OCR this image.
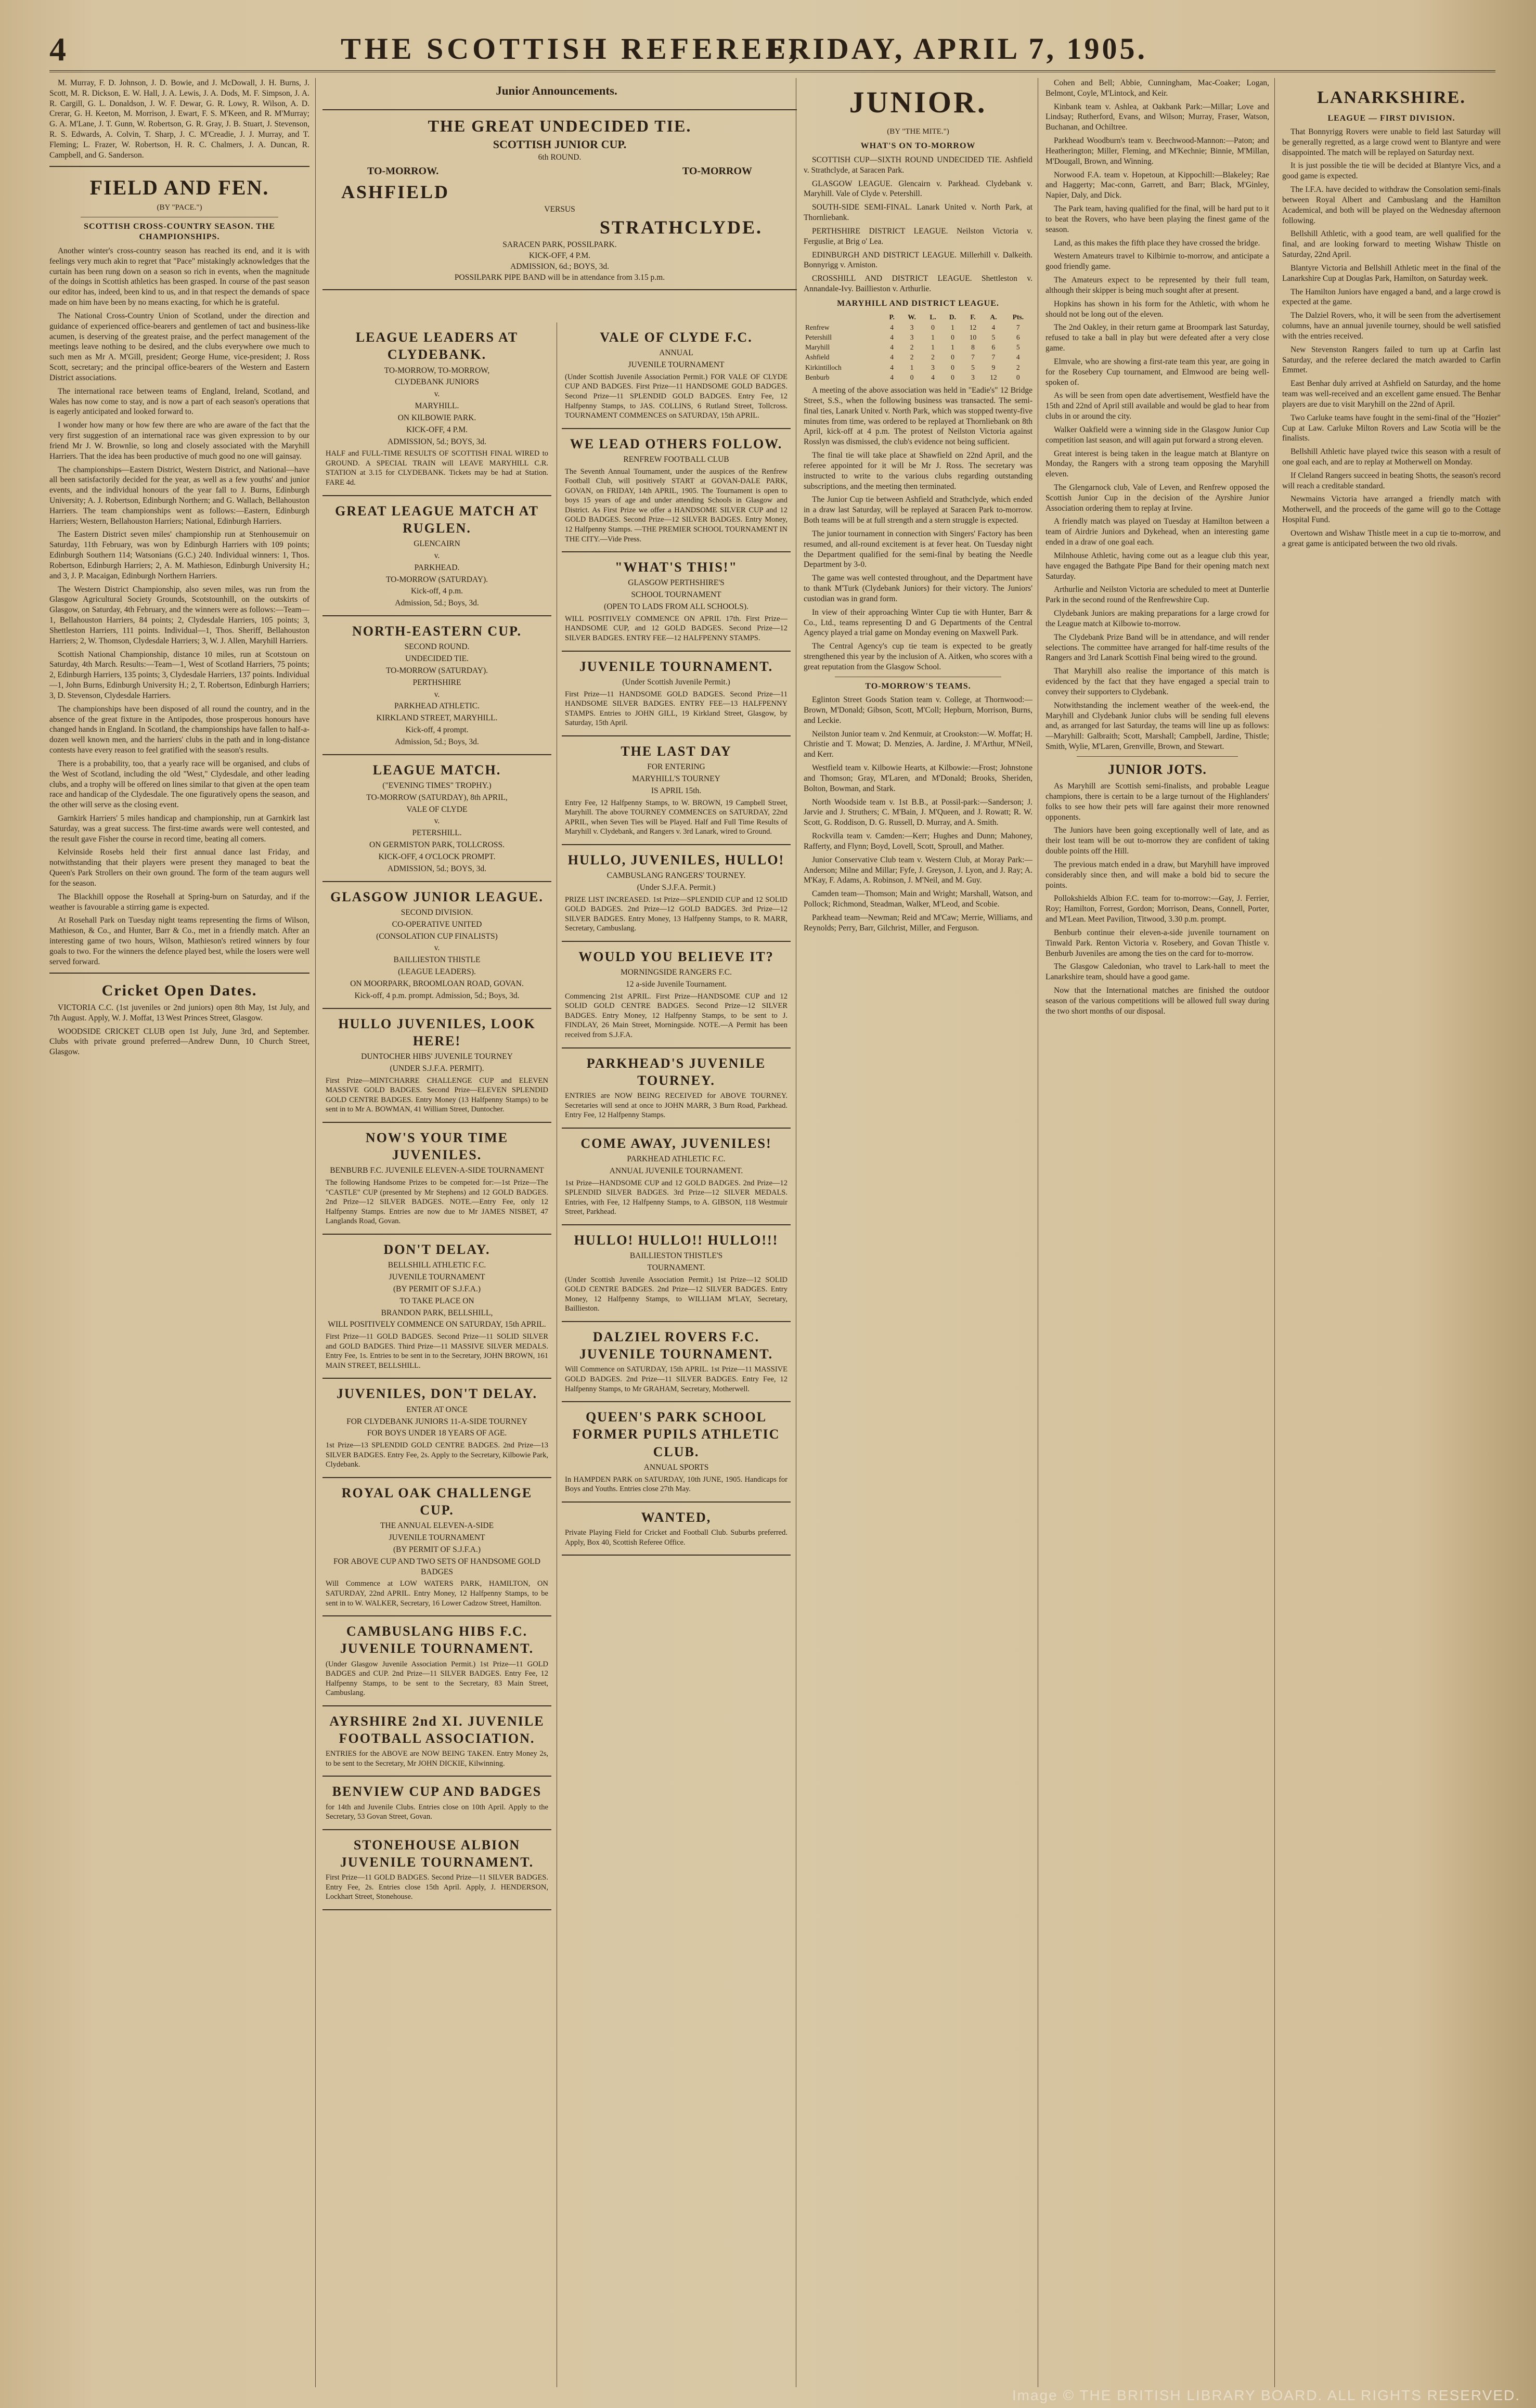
4	THE SCOTTISH REFEREE,
FRIDAY, APRIL 7, 1905.

M. Murray, F. D. Johnson, J. D. Bowie, and J. McDowall, J. H. Burns, J. Scott, M. R. Dickson, E. W. Hall, J. A. Lewis, J. A. Dods, M. F. Simpson, J. A. R. Cargill, G. L. Donaldson, J. W. F. Dewar, G. R. Lowy, R. Wilson, A. D. Crerar, G. H. Keeton, M. Morrison, J. Ewart, F. S. M'Keen, and R. M'Murray; G. A. M'Lane, J. T. Gunn, W. Robertson, G. R. Gray, J. B. Stuart, J. Stevenson, R. S. Edwards, A. Colvin, T. Sharp, J. C. M'Creadie, J. J. Murray, and T. Fleming; L. Frazer, W. Robertson, H. R. C. Chalmers, J. A. Duncan, R. Campbell, and G. Sanderson.

FIELD AND FEN.
(BY "PACE.")
SCOTTISH CROSS-COUNTRY SEASON. THE CHAMPIONSHIPS.

Another winter's cross-country season has reached its end, and it is with feelings very much akin to regret that "Pace" mistakingly acknowledges that the curtain has been rung down on a season so rich in events, when the magnitude of the doings in Scottish athletics has been grasped. In course of the past season our editor has, indeed, been kind to us, and in that respect the demands of space made on him have been by no means exacting, for which he is grateful.

The National Cross-Country Union of Scotland, under the direction and guidance of experienced office-bearers and gentlemen of tact and business-like acumen, is deserving of the greatest praise, and the perfect management of the meetings leave nothing to be desired, and the clubs everywhere owe much to such men as Mr A. M'Gill, president; George Hume, vice-president; J. Ross Scott, secretary; and the principal office-bearers of the Western and Eastern District associations.

The international race between teams of England, Ireland, Scotland, and Wales has now come to stay, and is now a part of each season's operations that is eagerly anticipated and looked forward to.

I wonder how many or how few there are who are aware of the fact that the very first suggestion of an international race was given expression to by our friend Mr J. W. Brownlie, so long and closely associated with the Maryhill Harriers. That the idea has been productive of much good no one will gainsay.

The championships—Eastern District, Western District, and National—have all been satisfactorily decided for the year, as well as a few youths' and junior events, and the individual honours of the year fall to J. Burns, Edinburgh University; A. J. Robertson, Edinburgh Northern; and G. Wallach, Bellahouston Harriers. The team championships went as follows:—Eastern, Edinburgh Harriers; Western, Bellahouston Harriers; National, Edinburgh Harriers.

The Eastern District seven miles' championship run at Stenhousemuir on Saturday, 11th February, was won by Edinburgh Harriers with 109 points; Edinburgh Southern 114; Watsonians (G.C.) 240. Individual winners: 1, Thos. Robertson, Edinburgh Harriers; 2, A. M. Mathieson, Edinburgh University H.; and 3, J. P. Macaigan, Edinburgh Northern Harriers.

The Western District Championship, also seven miles, was run from the Glasgow Agricultural Society Grounds, Scotstounhill, on the outskirts of Glasgow, on Saturday, 4th February, and the winners were as follows:—Team—1, Bellahouston Harriers, 84 points; 2, Clydesdale Harriers, 105 points; 3, Shettleston Harriers, 111 points. Individual—1, Thos. Sheriff, Bellahouston Harriers; 2, W. Thomson, Clydesdale Harriers; 3, W. J. Allen, Maryhill Harriers.

Scottish National Championship, distance 10 miles, run at Scotstoun on Saturday, 4th March. Results:—Team—1, West of Scotland Harriers, 75 points; 2, Edinburgh Harriers, 135 points; 3, Clydesdale Harriers, 137 points. Individual—1, John Burns, Edinburgh University H.; 2, T. Robertson, Edinburgh Harriers; 3, D. Stevenson, Clydesdale Harriers.

The championships have been disposed of all round the country, and in the absence of the great fixture in the Antipodes, those prosperous honours have changed hands in England. In Scotland, the championships have fallen to half-a-dozen well known men, and the harriers' clubs in the path and in long-distance contests have every reason to feel gratified with the season's results.

There is a probability, too, that a yearly race will be organised, and clubs of the West of Scotland, including the old "West," Clydesdale, and other leading clubs, and a trophy will be offered on lines similar to that given at the open team race and handicap of the Clydesdale. The one figuratively opens the season, and the other will serve as the closing event.

Garnkirk Harriers' 5 miles handicap and championship, run at Garnkirk last Saturday, was a great success. The first-time awards were well contested, and the result gave Fisher the course in record time, beating all comers.

Kelvinside Rosebs held their first annual dance last Friday, and notwithstanding that their players were present they managed to beat the Queen's Park Strollers on their own ground. The form of the team augurs well for the season.

The Blackhill oppose the Rosehall at Spring-burn on Saturday, and if the weather is favourable a stirring game is expected.

At Rosehall Park on Tuesday night teams representing the firms of Wilson, Mathieson, & Co., and Hunter, Barr & Co., met in a friendly match. After an interesting game of two hours, Wilson, Mathieson's retired winners by four goals to two. For the winners the defence played best, while the losers were well served forward.

Cricket Open Dates.

VICTORIA C.C. (1st juveniles or 2nd juniors) open 8th May, 1st July, and 7th August. Apply, W. J. Moffat, 13 West Princes Street, Glasgow.

WOODSIDE CRICKET CLUB open 1st July, June 3rd, and September. Clubs with private ground preferred—Andrew Dunn, 10 Church Street, Glasgow.

Junior Announcements.
THE GREAT UNDECIDED TIE.
SCOTTISH JUNIOR CUP.
6th ROUND.
TO-MORROW.	TO-MORROW
ASHFIELD
VERSUS
STRATHCLYDE.
SARACEN PARK, POSSILPARK.
KICK-OFF, 4 P.M.
ADMISSION, 6d.; BOYS, 3d.
POSSILPARK PIPE BAND will be in attendance from 3.15 p.m.
LEAGUE LEADERS AT CLYDEBANK.
TO-MORROW, TO-MORROW,
CLYDEBANK JUNIORS
v.
MARYHILL.
ON KILBOWIE PARK.
KICK-OFF, 4 P.M.
ADMISSION, 5d.; BOYS, 3d.
HALF and FULL-TIME RESULTS OF SCOTTISH FINAL WIRED to GROUND. A SPECIAL TRAIN will LEAVE MARYHILL C.R. STATION at 3.15 for CLYDEBANK. Tickets may be had at Station. FARE 4d.
GREAT LEAGUE MATCH AT RUGLEN.
GLENCAIRN
v.
PARKHEAD.
TO-MORROW (SATURDAY).
Kick-off, 4 p.m.
Admission, 5d.; Boys, 3d.
NORTH-EASTERN CUP.
SECOND ROUND.
UNDECIDED TIE.
TO-MORROW (SATURDAY).
PERTHSHIRE
v.
PARKHEAD ATHLETIC.
KIRKLAND STREET, MARYHILL.
Kick-off, 4 prompt.
Admission, 5d.; Boys, 3d.
LEAGUE MATCH.
("EVENING TIMES" TROPHY.)
TO-MORROW (SATURDAY), 8th APRIL,
VALE OF CLYDE
v.
PETERSHILL.
ON GERMISTON PARK, TOLLCROSS.
KICK-OFF, 4 O'CLOCK PROMPT.
ADMISSION, 5d.; BOYS, 3d.
GLASGOW JUNIOR LEAGUE.
SECOND DIVISION.
CO-OPERATIVE UNITED
(CONSOLATION CUP FINALISTS)
v.
BAILLIESTON THISTLE
(LEAGUE LEADERS).
ON MOORPARK, BROOMLOAN ROAD, GOVAN.
Kick-off, 4 p.m. prompt. Admission, 5d.; Boys, 3d.
HULLO JUVENILES, LOOK HERE!
DUNTOCHER HIBS' JUVENILE TOURNEY
(UNDER S.J.F.A. PERMIT).
First Prize—MINTCHARRE CHALLENGE CUP and ELEVEN MASSIVE GOLD BADGES. Second Prize—ELEVEN SPLENDID GOLD CENTRE BADGES. Entry Money (13 Halfpenny Stamps) to be sent in to Mr A. BOWMAN, 41 William Street, Duntocher.
NOW'S YOUR TIME JUVENILES.
BENBURB F.C. JUVENILE ELEVEN-A-SIDE TOURNAMENT
The following Handsome Prizes to be competed for:—1st Prize—The "CASTLE" CUP (presented by Mr Stephens) and 12 GOLD BADGES. 2nd Prize—12 SILVER BADGES. NOTE.—Entry Fee, only 12 Halfpenny Stamps. Entries are now due to Mr JAMES NISBET, 47 Langlands Road, Govan.
DON'T DELAY.
BELLSHILL ATHLETIC F.C.
JUVENILE TOURNAMENT
(BY PERMIT OF S.J.F.A.)
TO TAKE PLACE ON
BRANDON PARK, BELLSHILL,
WILL POSITIVELY COMMENCE ON SATURDAY, 15th APRIL.
First Prize—11 GOLD BADGES. Second Prize—11 SOLID SILVER and GOLD BADGES. Third Prize—11 MASSIVE SILVER MEDALS. Entry Fee, 1s. Entries to be sent in to the Secretary, JOHN BROWN, 161 MAIN STREET, BELLSHILL.
JUVENILES, DON'T DELAY.
ENTER AT ONCE
FOR CLYDEBANK JUNIORS 11-A-SIDE TOURNEY
FOR BOYS UNDER 18 YEARS OF AGE.
1st Prize—13 SPLENDID GOLD CENTRE BADGES. 2nd Prize—13 SILVER BADGES. Entry Fee, 2s. Apply to the Secretary, Kilbowie Park, Clydebank.
ROYAL OAK CHALLENGE CUP.
THE ANNUAL ELEVEN-A-SIDE
JUVENILE TOURNAMENT
(BY PERMIT OF S.J.F.A.)
FOR ABOVE CUP AND TWO SETS OF HANDSOME GOLD BADGES
Will Commence at LOW WATERS PARK, HAMILTON, ON SATURDAY, 22nd APRIL. Entry Money, 12 Halfpenny Stamps, to be sent in to W. WALKER, Secretary, 16 Lower Cadzow Street, Hamilton.
CAMBUSLANG HIBS F.C. JUVENILE TOURNAMENT.
(Under Glasgow Juvenile Association Permit.) 1st Prize—11 GOLD BADGES and CUP. 2nd Prize—11 SILVER BADGES. Entry Fee, 12 Halfpenny Stamps, to be sent to the Secretary, 83 Main Street, Cambuslang.
AYRSHIRE 2nd XI. JUVENILE FOOTBALL ASSOCIATION.
ENTRIES for the ABOVE are NOW BEING TAKEN. Entry Money 2s, to be sent to the Secretary, Mr JOHN DICKIE, Kilwinning.
BENVIEW CUP AND BADGES
for 14th and Juvenile Clubs. Entries close on 10th April. Apply to the Secretary, 53 Govan Street, Govan.
STONEHOUSE ALBION JUVENILE TOURNAMENT.
First Prize—11 GOLD BADGES. Second Prize—11 SILVER BADGES. Entry Fee, 2s. Entries close 15th April. Apply, J. HENDERSON, Lockhart Street, Stonehouse.
VALE OF CLYDE F.C.
ANNUAL
JUVENILE TOURNAMENT
(Under Scottish Juvenile Association Permit.) FOR VALE OF CLYDE CUP AND BADGES. First Prize—11 HANDSOME GOLD BADGES. Second Prize—11 SPLENDID GOLD BADGES. Entry Fee, 12 Halfpenny Stamps, to JAS. COLLINS, 6 Rutland Street, Tollcross. TOURNAMENT COMMENCES on SATURDAY, 15th APRIL.
WE LEAD OTHERS FOLLOW.
RENFREW FOOTBALL CLUB
The Seventh Annual Tournament, under the auspices of the Renfrew Football Club, will positively START at GOVAN-DALE PARK, GOVAN, on FRIDAY, 14th APRIL, 1905. The Tournament is open to boys 15 years of age and under attending Schools in Glasgow and District. As First Prize we offer a HANDSOME SILVER CUP and 12 GOLD BADGES. Second Prize—12 SILVER BADGES. Entry Money, 12 Halfpenny Stamps. —THE PREMIER SCHOOL TOURNAMENT IN THE CITY.—Vide Press.
"WHAT'S THIS!"
GLASGOW PERTHSHIRE'S
SCHOOL TOURNAMENT
(OPEN TO LADS FROM ALL SCHOOLS).
WILL POSITIVELY COMMENCE ON APRIL 17th. First Prize—HANDSOME CUP, and 12 GOLD BADGES. Second Prize—12 SILVER BADGES. ENTRY FEE—12 HALFPENNY STAMPS.
JUVENILE TOURNAMENT.
(Under Scottish Juvenile Permit.)
First Prize—11 HANDSOME GOLD BADGES. Second Prize—11 HANDSOME SILVER BADGES. ENTRY FEE—13 HALFPENNY STAMPS. Entries to JOHN GILL, 19 Kirkland Street, Glasgow, by Saturday, 15th April.
THE LAST DAY
FOR ENTERING
MARYHILL'S TOURNEY
IS APRIL 15th.
Entry Fee, 12 Halfpenny Stamps, to W. BROWN, 19 Campbell Street, Maryhill. The above TOURNEY COMMENCES on SATURDAY, 22nd APRIL, when Seven Ties will be Played. Half and Full Time Results of Maryhill v. Clydebank, and Rangers v. 3rd Lanark, wired to Ground.
HULLO, JUVENILES, HULLO!
CAMBUSLANG RANGERS' TOURNEY.
(Under S.J.F.A. Permit.)
PRIZE LIST INCREASED. 1st Prize—SPLENDID CUP and 12 SOLID GOLD BADGES. 2nd Prize—12 GOLD BADGES. 3rd Prize—12 SILVER BADGES. Entry Money, 13 Halfpenny Stamps, to R. MARR, Secretary, Cambuslang.
WOULD YOU BELIEVE IT?
MORNINGSIDE RANGERS F.C.
12 a-side Juvenile Tournament.
Commencing 21st APRIL. First Prize—HANDSOME CUP and 12 SOLID GOLD CENTRE BADGES. Second Prize—12 SILVER BADGES. Entry Money, 12 Halfpenny Stamps, to be sent to J. FINDLAY, 26 Main Street, Morningside. NOTE.—A Permit has been received from S.J.F.A.
PARKHEAD'S JUVENILE TOURNEY.
ENTRIES are NOW BEING RECEIVED for ABOVE TOURNEY. Secretaries will send at once to JOHN MARR, 3 Burn Road, Parkhead. Entry Fee, 12 Halfpenny Stamps.
COME AWAY, JUVENILES!
PARKHEAD ATHLETIC F.C.
ANNUAL JUVENILE TOURNAMENT.
1st Prize—HANDSOME CUP and 12 GOLD BADGES. 2nd Prize—12 SPLENDID SILVER BADGES. 3rd Prize—12 SILVER MEDALS. Entries, with Fee, 12 Halfpenny Stamps, to A. GIBSON, 118 Westmuir Street, Parkhead.
HULLO! HULLO!! HULLO!!!
BAILLIESTON THISTLE'S
TOURNAMENT.
(Under Scottish Juvenile Association Permit.) 1st Prize—12 SOLID GOLD CENTRE BADGES. 2nd Prize—12 SILVER BADGES. Entry Money, 12 Halfpenny Stamps, to WILLIAM M'LAY, Secretary, Baillieston.
DALZIEL ROVERS F.C. JUVENILE TOURNAMENT.
Will Commence on SATURDAY, 15th APRIL. 1st Prize—11 MASSIVE GOLD BADGES. 2nd Prize—11 SILVER BADGES. Entry Fee, 12 Halfpenny Stamps, to Mr GRAHAM, Secretary, Motherwell.
QUEEN'S PARK SCHOOL FORMER PUPILS ATHLETIC CLUB.
ANNUAL SPORTS
In HAMPDEN PARK on SATURDAY, 10th JUNE, 1905. Handicaps for Boys and Youths. Entries close 27th May.
WANTED,
Private Playing Field for Cricket and Football Club. Suburbs preferred. Apply, Box 40, Scottish Referee Office.
JUNIOR.
(BY "THE MITE.")
WHAT'S ON TO-MORROW

SCOTTISH CUP—SIXTH ROUND UNDECIDED TIE. Ashfield v. Strathclyde, at Saracen Park.

GLASGOW LEAGUE. Glencairn v. Parkhead. Clydebank v. Maryhill. Vale of Clyde v. Petershill.

SOUTH-SIDE SEMI-FINAL. Lanark United v. North Park, at Thornliebank.

PERTHSHIRE DISTRICT LEAGUE. Neilston Victoria v. Ferguslie, at Brig o' Lea.

EDINBURGH AND DISTRICT LEAGUE. Millerhill v. Dalkeith. Bonnyrigg v. Arniston.

CROSSHILL AND DISTRICT LEAGUE. Shettleston v. Annandale-Ivy. Baillieston v. Arthurlie.

MARYHILL AND DISTRICT LEAGUE.
	P.	W.	L.	D.	F.	A.	Pts.
Renfrew	4	3	0	1	12	4	7
Petershill	4	3	1	0	10	5	6
Maryhill	4	2	1	1	8	6	5
Ashfield	4	2	2	0	7	7	4
Kirkintilloch	4	1	3	0	5	9	2
Benburb	4	0	4	0	3	12	0

A meeting of the above association was held in "Eadie's" 12 Bridge Street, S.S., when the following business was transacted. The semi-final ties, Lanark United v. North Park, which was stopped twenty-five minutes from time, was ordered to be replayed at Thornliebank on 8th April, kick-off at 4 p.m. The protest of Neilston Victoria against Rosslyn was dismissed, the club's evidence not being sufficient.

The final tie will take place at Shawfield on 22nd April, and the referee appointed for it will be Mr J. Ross. The secretary was instructed to write to the various clubs regarding outstanding subscriptions, and the meeting then terminated.

The Junior Cup tie between Ashfield and Strathclyde, which ended in a draw last Saturday, will be replayed at Saracen Park to-morrow. Both teams will be at full strength and a stern struggle is expected.

The junior tournament in connection with Singers' Factory has been resumed, and all-round excitement is at fever heat. On Tuesday night the Department qualified for the semi-final by beating the Needle Department by 3-0.

The game was well contested throughout, and the Department have to thank M'Turk (Clydebank Juniors) for their victory. The Juniors' custodian was in grand form.

In view of their approaching Winter Cup tie with Hunter, Barr & Co., Ltd., teams representing D and G Departments of the Central Agency played a trial game on Monday evening on Maxwell Park.

The Central Agency's cup tie team is expected to be greatly strengthened this year by the inclusion of A. Aitken, who scores with a great reputation from the Glasgow School.

TO-MORROW'S TEAMS.

Eglinton Street Goods Station team v. College, at Thornwood:—Brown, M'Donald; Gibson, Scott, M'Coll; Hepburn, Morrison, Burns, and Leckie.

Neilston Junior team v. 2nd Kenmuir, at Crookston:—W. Moffat; H. Christie and T. Mowat; D. Menzies, A. Jardine, J. M'Arthur, M'Neil, and Kerr.

Westfield team v. Kilbowie Hearts, at Kilbowie:—Frost; Johnstone and Thomson; Gray, M'Laren, and M'Donald; Brooks, Sheriden, Bolton, Bowman, and Stark.

North Woodside team v. 1st B.B., at Possil-park:—Sanderson; J. Jarvie and J. Struthers; C. M'Bain, J. M'Queen, and J. Rowatt; R. W. Scott, G. Roddison, D. G. Russell, D. Murray, and A. Smith.

Rockvilla team v. Camden:—Kerr; Hughes and Dunn; Mahoney, Rafferty, and Flynn; Boyd, Lovell, Scott, Sproull, and Mather.

Junior Conservative Club team v. Western Club, at Moray Park:—Anderson; Milne and Millar; Fyfe, J. Greyson, J. Lyon, and J. Ray; A. M'Kay, F. Adams, A. Robinson, J. M'Neil, and M. Guy.

Camden team—Thomson; Main and Wright; Marshall, Watson, and Pollock; Richmond, Steadman, Walker, M'Leod, and Scobie.

Parkhead team—Newman; Reid and M'Caw; Merrie, Williams, and Reynolds; Perry, Barr, Gilchrist, Miller, and Ferguson.

Cohen and Bell; Abbie, Cunningham, Mac-Coaker; Logan, Belmont, Coyle, M'Lintock, and Keir.

Kinbank team v. Ashlea, at Oakbank Park:—Millar; Love and Lindsay; Rutherford, Evans, and Wilson; Murray, Fraser, Watson, Buchanan, and Ochiltree.

Parkhead Woodburn's team v. Beechwood-Mannon:—Paton; and Heatherington; Miller, Fleming, and M'Kechnie; Binnie, M'Millan, M'Dougall, Brown, and Winning.

Norwood F.A. team v. Hopetoun, at Kippochill:—Blakeley; Rae and Haggerty; Mac-conn, Garrett, and Barr; Black, M'Ginley, Napier, Daly, and Dick.

The Park team, having qualified for the final, will be hard put to it to beat the Rovers, who have been playing the finest game of the season.

Land, as this makes the fifth place they have crossed the bridge.

Western Amateurs travel to Kilbirnie to-morrow, and anticipate a good friendly game.

The Amateurs expect to be represented by their full team, although their skipper is being much sought after at present.

Hopkins has shown in his form for the Athletic, with whom he should not be long out of the eleven.

The 2nd Oakley, in their return game at Broompark last Saturday, refused to take a ball in play but were defeated after a very close game.

Elmvale, who are showing a first-rate team this year, are going in for the Rosebery Cup tournament, and Elmwood are being well-spoken of.

As will be seen from open date advertisement, Westfield have the 15th and 22nd of April still available and would be glad to hear from clubs in or around the city.

Walker Oakfield were a winning side in the Glasgow Junior Cup competition last season, and will again put forward a strong eleven.

Great interest is being taken in the league match at Blantyre on Monday, the Rangers with a strong team opposing the Maryhill eleven.

The Glengarnock club, Vale of Leven, and Renfrew opposed the Scottish Junior Cup in the decision of the Ayrshire Junior Association ordering them to replay at Irvine.

A friendly match was played on Tuesday at Hamilton between a team of Airdrie Juniors and Dykehead, when an interesting game ended in a draw of one goal each.

Milnhouse Athletic, having come out as a league club this year, have engaged the Bathgate Pipe Band for their opening match next Saturday.

Arthurlie and Neilston Victoria are scheduled to meet at Dunterlie Park in the second round of the Renfrewshire Cup.

Clydebank Juniors are making preparations for a large crowd for the League match at Kilbowie to-morrow.

The Clydebank Prize Band will be in attendance, and will render selections. The committee have arranged for half-time results of the Rangers and 3rd Lanark Scottish Final being wired to the ground.

That Maryhill also realise the importance of this match is evidenced by the fact that they have engaged a special train to convey their supporters to Clydebank.

Notwithstanding the inclement weather of the week-end, the Maryhill and Clydebank Junior clubs will be sending full elevens and, as arranged for last Saturday, the teams will line up as follows:—Maryhill: Galbraith; Scott, Marshall; Campbell, Jardine, Thistle; Smith, Wylie, M'Laren, Grenville, Brown, and Stewart.

JUNIOR JOTS.

As Maryhill are Scottish semi-finalists, and probable League champions, there is certain to be a large turnout of the Highlanders' folks to see how their pets will fare against their more renowned opponents.

The Juniors have been going exceptionally well of late, and as their lost team will be out to-morrow they are confident of taking double points off the Hill.

The previous match ended in a draw, but Maryhill have improved considerably since then, and will make a bold bid to secure the points.

Pollokshields Albion F.C. team for to-morrow:—Gay, J. Ferrier, Roy; Hamilton, Forrest, Gordon; Morrison, Deans, Connell, Porter, and M'Lean. Meet Pavilion, Titwood, 3.30 p.m. prompt.

Benburb continue their eleven-a-side juvenile tournament on Tinwald Park. Renton Victoria v. Rosebery, and Govan Thistle v. Benburb Juveniles are among the ties on the card for to-morrow.

The Glasgow Caledonian, who travel to Lark-hall to meet the Lanarkshire team, should have a good game.

Now that the International matches are finished the outdoor season of the various competitions will be allowed full sway during the two short months of our disposal.

LANARKSHIRE.
LEAGUE — FIRST DIVISION.

That Bonnyrigg Rovers were unable to field last Saturday will be generally regretted, as a large crowd went to Blantyre and were disappointed. The match will be replayed on Saturday next.

It is just possible the tie will be decided at Blantyre Vics, and a good game is expected.

The I.F.A. have decided to withdraw the Consolation semi-finals between Royal Albert and Cambuslang and the Hamilton Academical, and both will be played on the Wednesday afternoon following.

Bellshill Athletic, with a good team, are well qualified for the final, and are looking forward to meeting Wishaw Thistle on Saturday, 22nd April.

Blantyre Victoria and Bellshill Athletic meet in the final of the Lanarkshire Cup at Douglas Park, Hamilton, on Saturday week.

The Hamilton Juniors have engaged a band, and a large crowd is expected at the game.

The Dalziel Rovers, who, it will be seen from the advertisement columns, have an annual juvenile tourney, should be well satisfied with the entries received.

New Stevenston Rangers failed to turn up at Carfin last Saturday, and the referee declared the match awarded to Carfin Emmet.

East Benhar duly arrived at Ashfield on Saturday, and the home team was well-received and an excellent game ensued. The Benhar players are due to visit Maryhill on the 22nd of April.

Two Carluke teams have fought in the semi-final of the "Hozier" Cup at Law. Carluke Milton Rovers and Law Scotia will be the finalists.

Bellshill Athletic have played twice this season with a result of one goal each, and are to replay at Motherwell on Monday.

If Cleland Rangers succeed in beating Shotts, the season's record will reach a creditable standard.

Newmains Victoria have arranged a friendly match with Motherwell, and the proceeds of the game will go to the Cottage Hospital Fund.

Overtown and Wishaw Thistle meet in a cup tie to-morrow, and a great game is anticipated between the two old rivals.

Image © THE BRITISH LIBRARY BOARD. ALL RIGHTS RESERVED.
